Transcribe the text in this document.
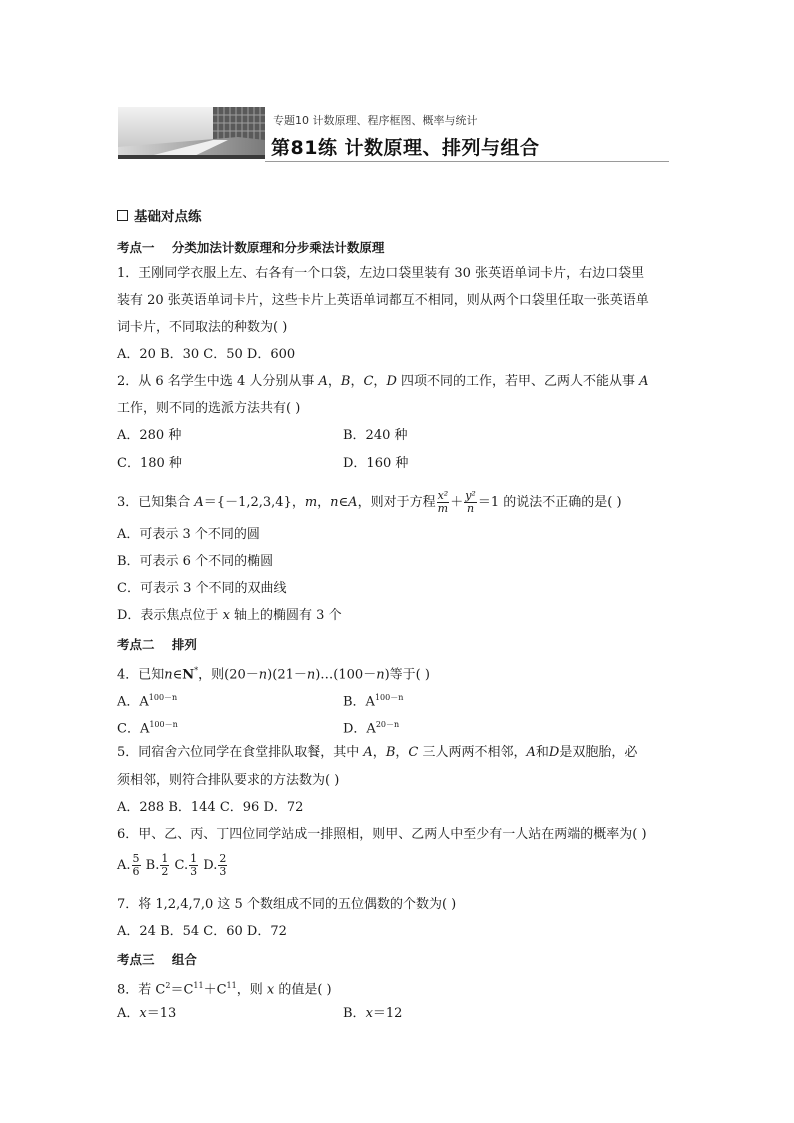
专题10 计数原理、程序框图、概率与统计
第81练 计数原理、排列与组合
基础对点练
考点一    分类加法计数原理和分步乘法计数原理
1．王刚同学衣服上左、右各有一个口袋，左边口袋里装有 30 张英语单词卡片，右边口袋里
装有 20 张英语单词卡片，这些卡片上英语单词都互不相同，则从两个口袋里任取一张英语单
词卡片，不同取法的种数为( )
A．20 B．30 C．50 D．600
2．从 6 名学生中选 4 人分别从事 A，B，C，D 四项不同的工作，若甲、乙两人不能从事 A
工作，则不同的选派方法共有( )
A．280 种	B．240 种
C．180 种	D．160 种
3．已知集合 A＝{－1,2,3,4}，m，n∈A，则对于方程 $\frac{\text{x²}}{m} + \frac{\text{y²}}{n} =1$ 的说法不正确的是( )
A．可表示 3 个不同的圆
B．可表示 6 个不同的椭圆
C．可表示 3 个不同的双曲线
D．表示焦点位于 x 轴上的椭圆有 3 个
考点二    排列
4．已知n∈N*，则(20－n)(21－n)…(100－n)等于( )
A．$A^{100-n}$	B．$A^{100-n}$
C．$A^{100-n}$	D．$A^{20-n}$
5．同宿舍六位同学在食堂排队取餐，其中 A，B，C 三人两两不相邻，A和D是双胞胎，必
须相邻，则符合排队要求的方法数为( )
A．288 B．144 C．96 D．72
6．甲、乙、丙、丁四位同学站成一排照相，则甲、乙两人中至少有一人站在两端的概率为( )
A. $\frac{5}{6} B$. $\frac{1}{2} C$. $\frac{1}{3} D$. $\frac{2}{3}$
7．将 1,2,4,7,0 这 5 个数组成不同的五位偶数的个数为( )
A．24 B．54 C．60 D．72
考点三    组合
8．若 $C^2=C^{11}+C^{11}$，则 x 的值是( )
A．x＝13	B．x＝12
